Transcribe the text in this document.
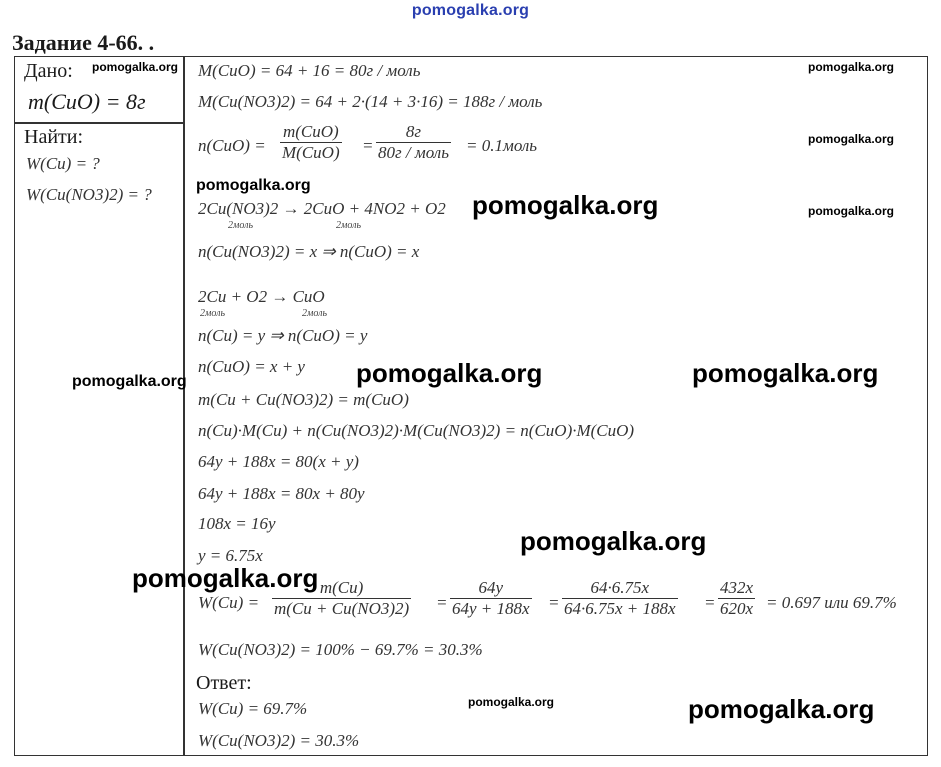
pomogalka.org
Задание 4-66. .
Дано:
m(CuO) = 8г
Найти:
W(Cu) = ?
W(Cu(NO3)2) = ?
M(CuO) = 64 + 16 = 80г / моль
M(Cu(NO3)2) = 64 + 2·(14 + 3·16) = 188г / моль
n(CuO) =
m(CuO)
M(CuO) =
8г
80г / моль = 0.1моль
2Cu(NO3)2 → 2CuO + 4NO2 + O2
2моль	2моль
n(Cu(NO3)2) = x ⇒ n(CuO) = x
2Cu + O2 → CuO
2моль	2моль
n(Cu) = y ⇒ n(CuO) = y
n(CuO) = x + y
m(Cu + Cu(NO3)2) = m(CuO)
n(Cu)·M(Cu) + n(Cu(NO3)2)·M(Cu(NO3)2) = n(CuO)·M(CuO)
64y + 188x = 80(x + y)
64y + 188x = 80x + 80y
108x = 16y
y = 6.75x
$W(Cu) = \frac{m(Cu)}{m(Cu + Cu(NO3)2)} = \frac{64y}{64y + 188x} = \frac{64\cdot 6.75x}{64\cdot 6.75x + 188x} = \frac{432x}{620x} = 0.697$ или 69.7%
W(Cu(NO3)2) = 100% − 69.7% = 30.3%
Ответ:
W(Cu) = 69.7%
W(Cu(NO3)2) = 30.3%
pomogalka.org	pomogalka.org
pomogalka.org
pomogalka.org
pomogalka.org	pomogalka.org
pomogalka.org	pomogalka.org	pomogalka.org
pomogalka.org
pomogalka.org
pomogalka.org	pomogalka.org
